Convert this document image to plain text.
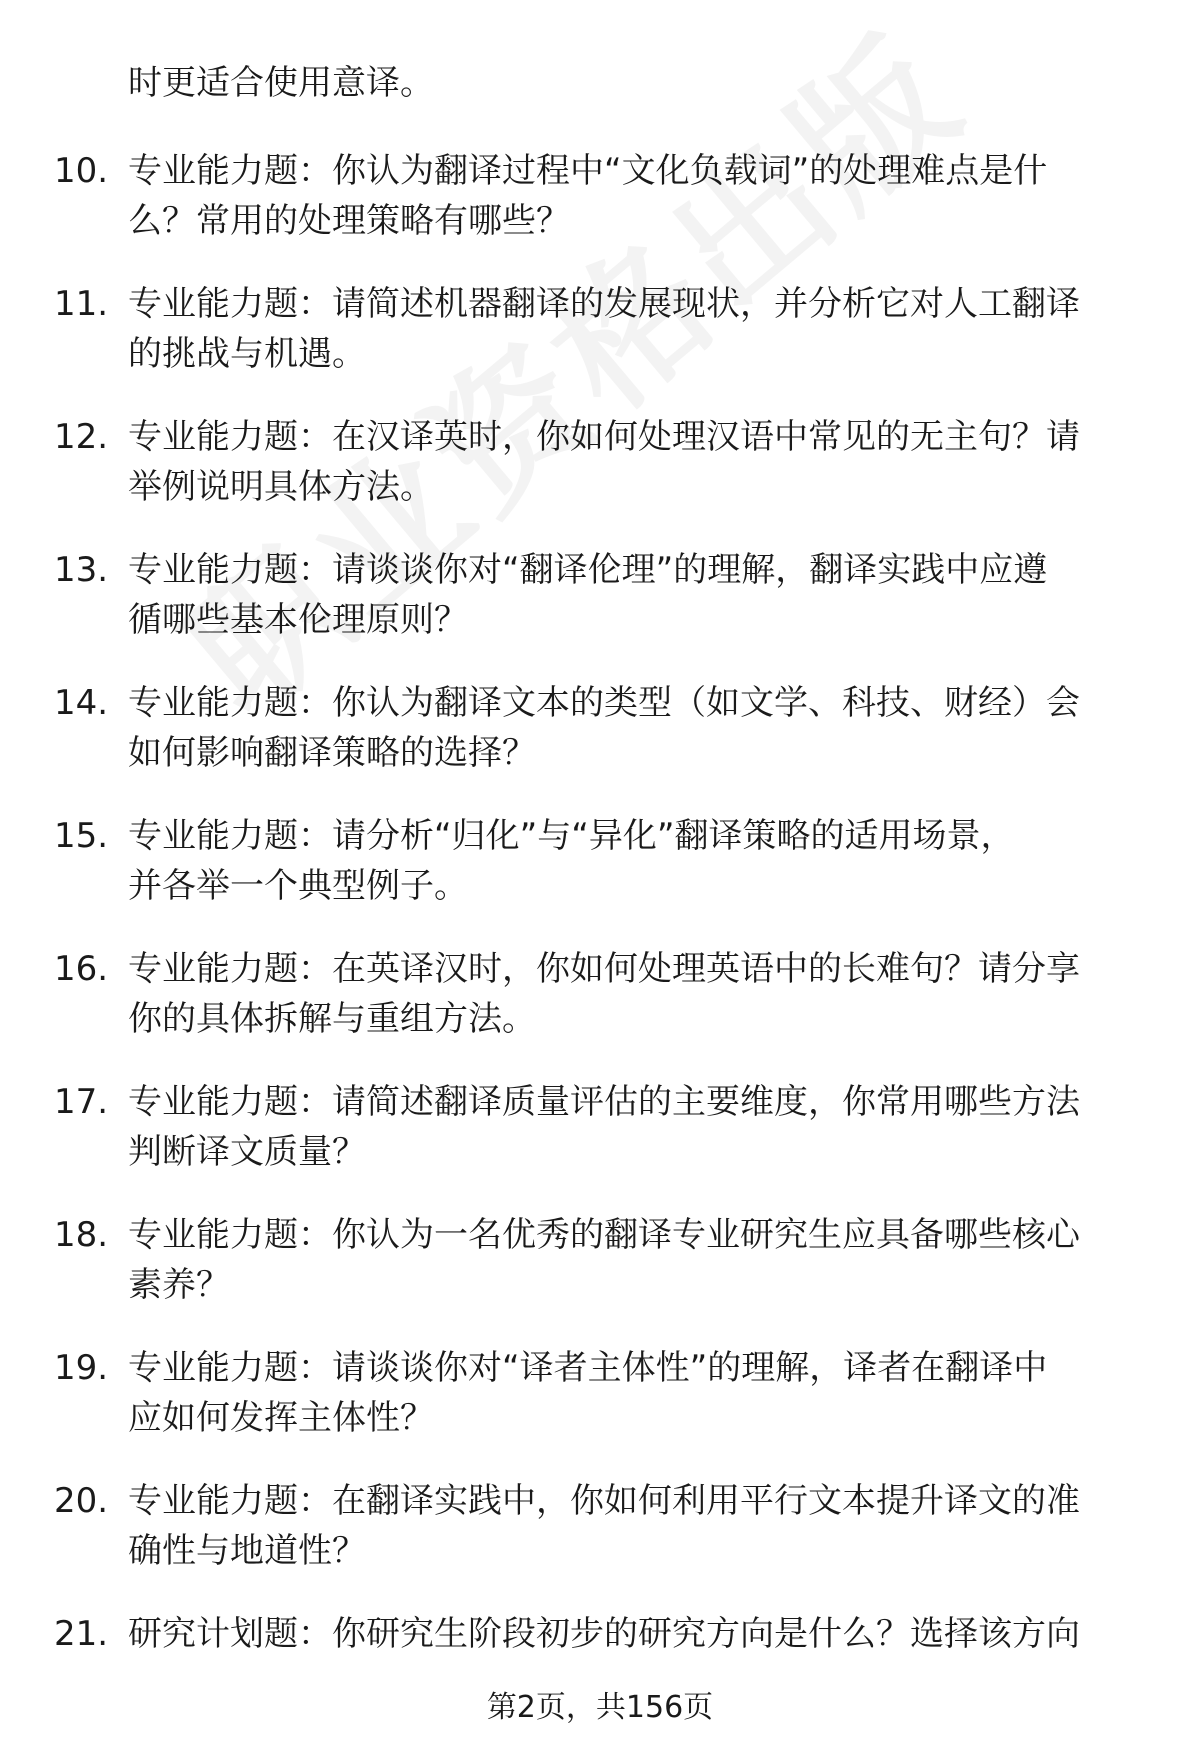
时更适合使用意译。
10. 专业能力题：你认为翻译过程中“文化负载词”的处理难点是什
么？常用的处理策略有哪些？
11. 专业能力题：请简述机器翻译的发展现状，并分析它对人工翻译
的挑战与机遇。
12. 专业能力题：在汉译英时，你如何处理汉语中常见的无主句？请
举例说明具体方法。
13. 专业能力题：请谈谈你对“翻译伦理”的理解，翻译实践中应遵
循哪些基本伦理原则？
14. 专业能力题：你认为翻译文本的类型（如文学、科技、财经）会
如何影响翻译策略的选择？
15. 专业能力题：请分析“归化”与“异化”翻译策略的适用场景，
并各举一个典型例子。
16. 专业能力题：在英译汉时，你如何处理英语中的长难句？请分享
你的具体拆解与重组方法。
17. 专业能力题：请简述翻译质量评估的主要维度，你常用哪些方法
判断译文质量？
18. 专业能力题：你认为一名优秀的翻译专业研究生应具备哪些核心
素养？
19. 专业能力题：请谈谈你对“译者主体性”的理解，译者在翻译中
应如何发挥主体性？
20. 专业能力题：在翻译实践中，你如何利用平行文本提升译文的准
确性与地道性？
21. 研究计划题：你研究生阶段初步的研究方向是什么？选择该方向
第2页，共156页
